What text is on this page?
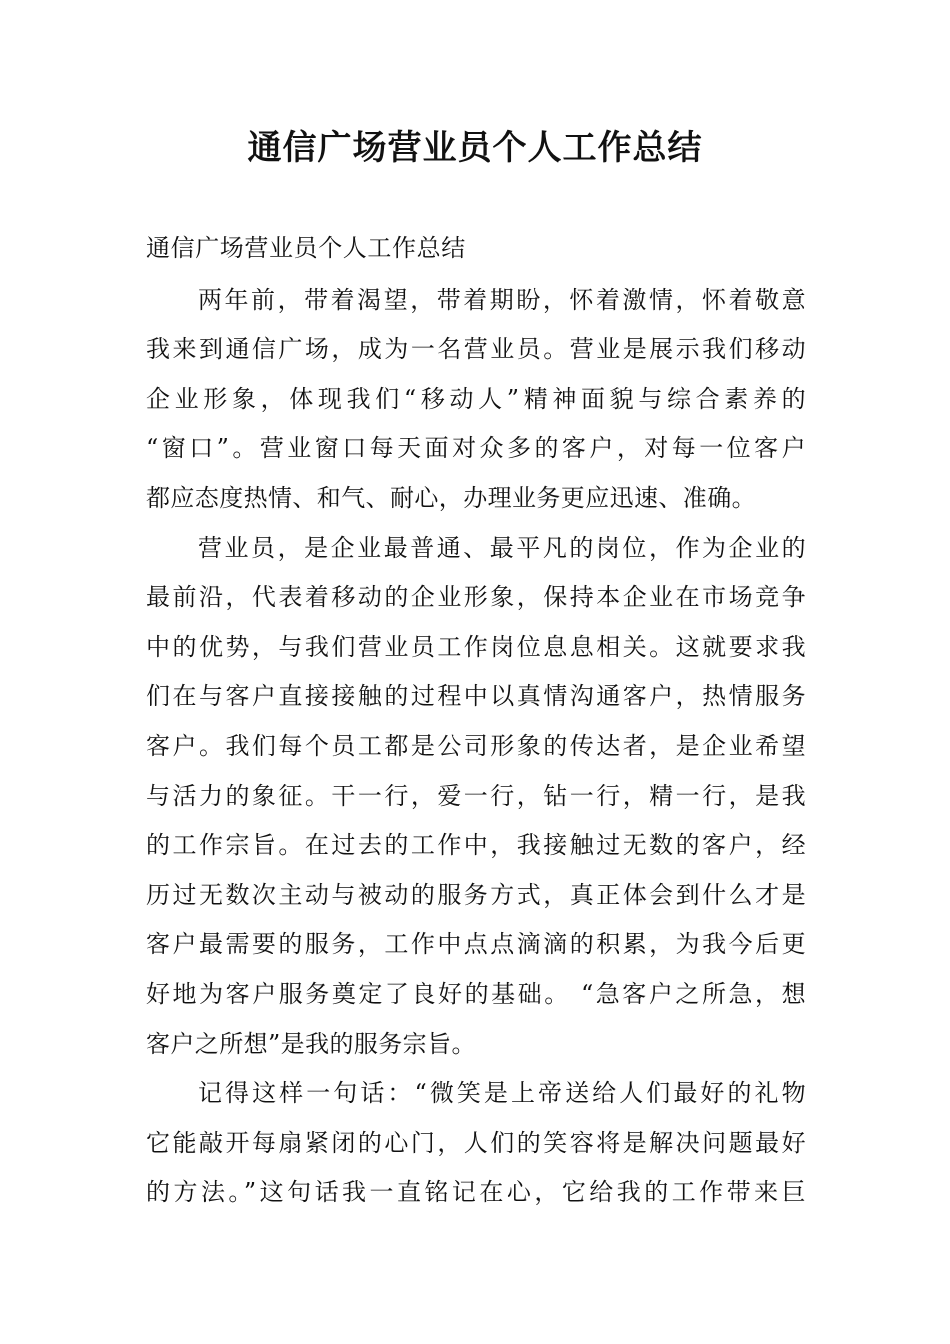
通信广场营业员个人工作总结
通信广场营业员个人工作总结

两年前，带着渴望，带着期盼，怀着激情，怀着敬意
我来到通信广场，成为一名营业员。营业是展示我们移动
企业形象，体现我们“移动人”精神面貌与综合素养的
“窗口”。营业窗口每天面对众多的客户，对每一位客户
都应态度热情、和气、耐心，办理业务更应迅速、准确。

营业员，是企业最普通、最平凡的岗位，作为企业的
最前沿，代表着移动的企业形象，保持本企业在市场竞争
中的优势，与我们营业员工作岗位息息相关。这就要求我
们在与客户直接接触的过程中以真情沟通客户，热情服务
客户。我们每个员工都是公司形象的传达者，是企业希望
与活力的象征。干一行，爱一行，钻一行，精一行，是我
的工作宗旨。在过去的工作中，我接触过无数的客户，经
历过无数次主动与被动的服务方式，真正体会到什么才是
客户最需要的服务，工作中点点滴滴的积累，为我今后更
好地为客户服务奠定了良好的基础。 “急客户之所急，想
客户之所想”是我的服务宗旨。

记得这样一句话：“微笑是上帝送给人们最好的礼物
它能敲开每扇紧闭的心门，人们的笑容将是解决问题最好
的方法。”这句话我一直铭记在心，它给我的工作带来巨
